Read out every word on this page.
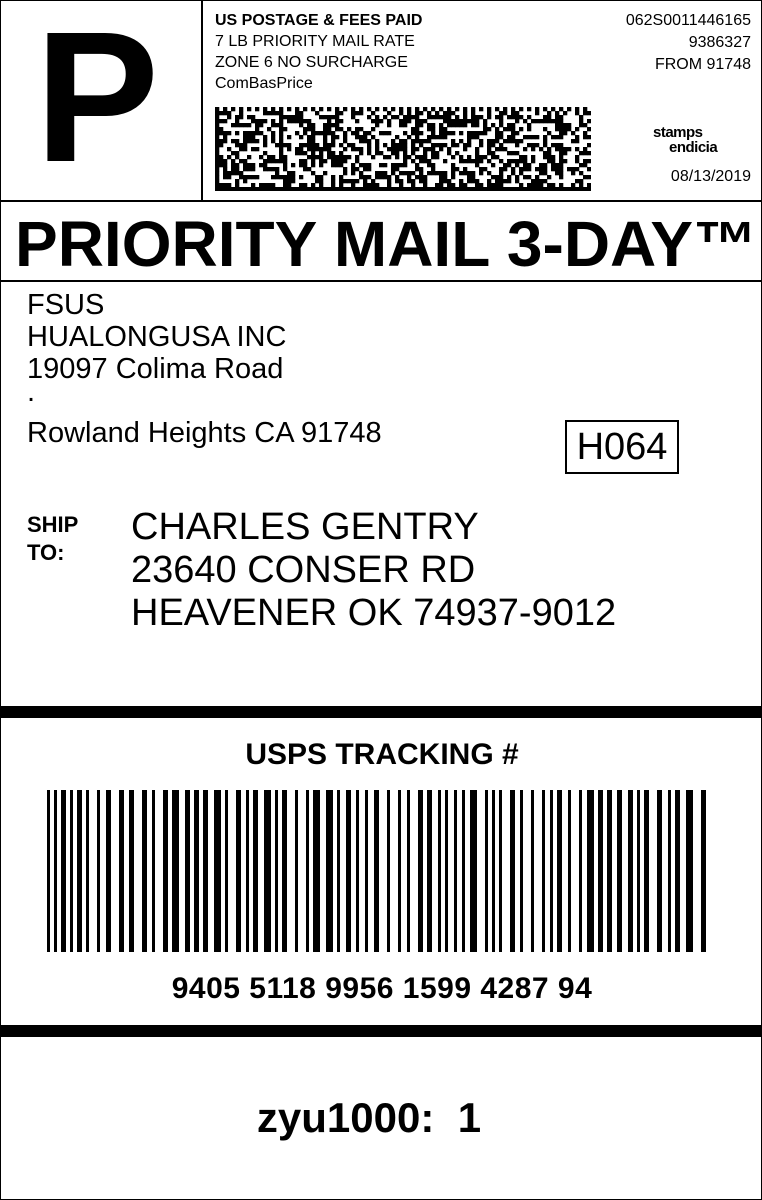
P	US POSTAGE & FEES PAID
7 LB PRIORITY MAIL RATE
ZONE 6 NO SURCHARGE
ComBasPrice
062S0011446165
9386327
FROM 91748
stamps
endicia
08/13/2019
PRIORITY MAIL 3-DAY™
FSUS
HUALONGUSA INC
19097 Colima Road
.
Rowland Heights CA 91748	H064
SHIP
TO:
CHARLES GENTRY
23640 CONSER RD
HEAVENER OK 74937-9012
USPS TRACKING #
9405 5118 9956 1599 4287 94
zyu1000:  1
